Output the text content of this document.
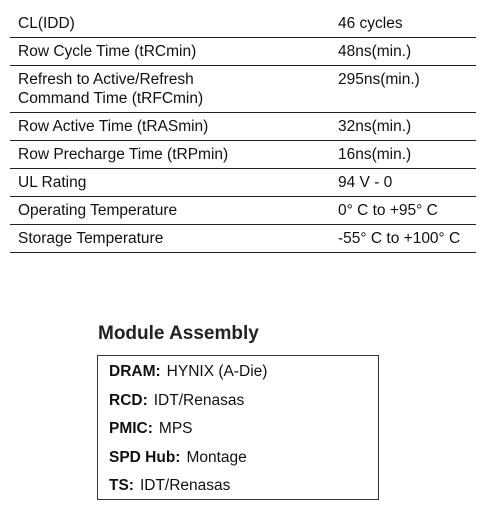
CL(IDD)	46 cycles
Row Cycle Time (tRCmin)	48ns(min.)

Refresh to Active/Refresh
Command Time (tRFCmin)	295ns(min.)
Row Active Time (tRASmin)	32ns(min.)
Row Precharge Time (tRPmin)	16ns(min.)
UL Rating	94 V - 0
Operating Temperature	0° C to +95° C
Storage Temperature	-55° C to +100° C
Module Assembly
DRAM: HYNIX (A-Die)
RCD: IDT/Renasas
PMIC: MPS
SPD Hub: Montage
TS: IDT/Renasas
